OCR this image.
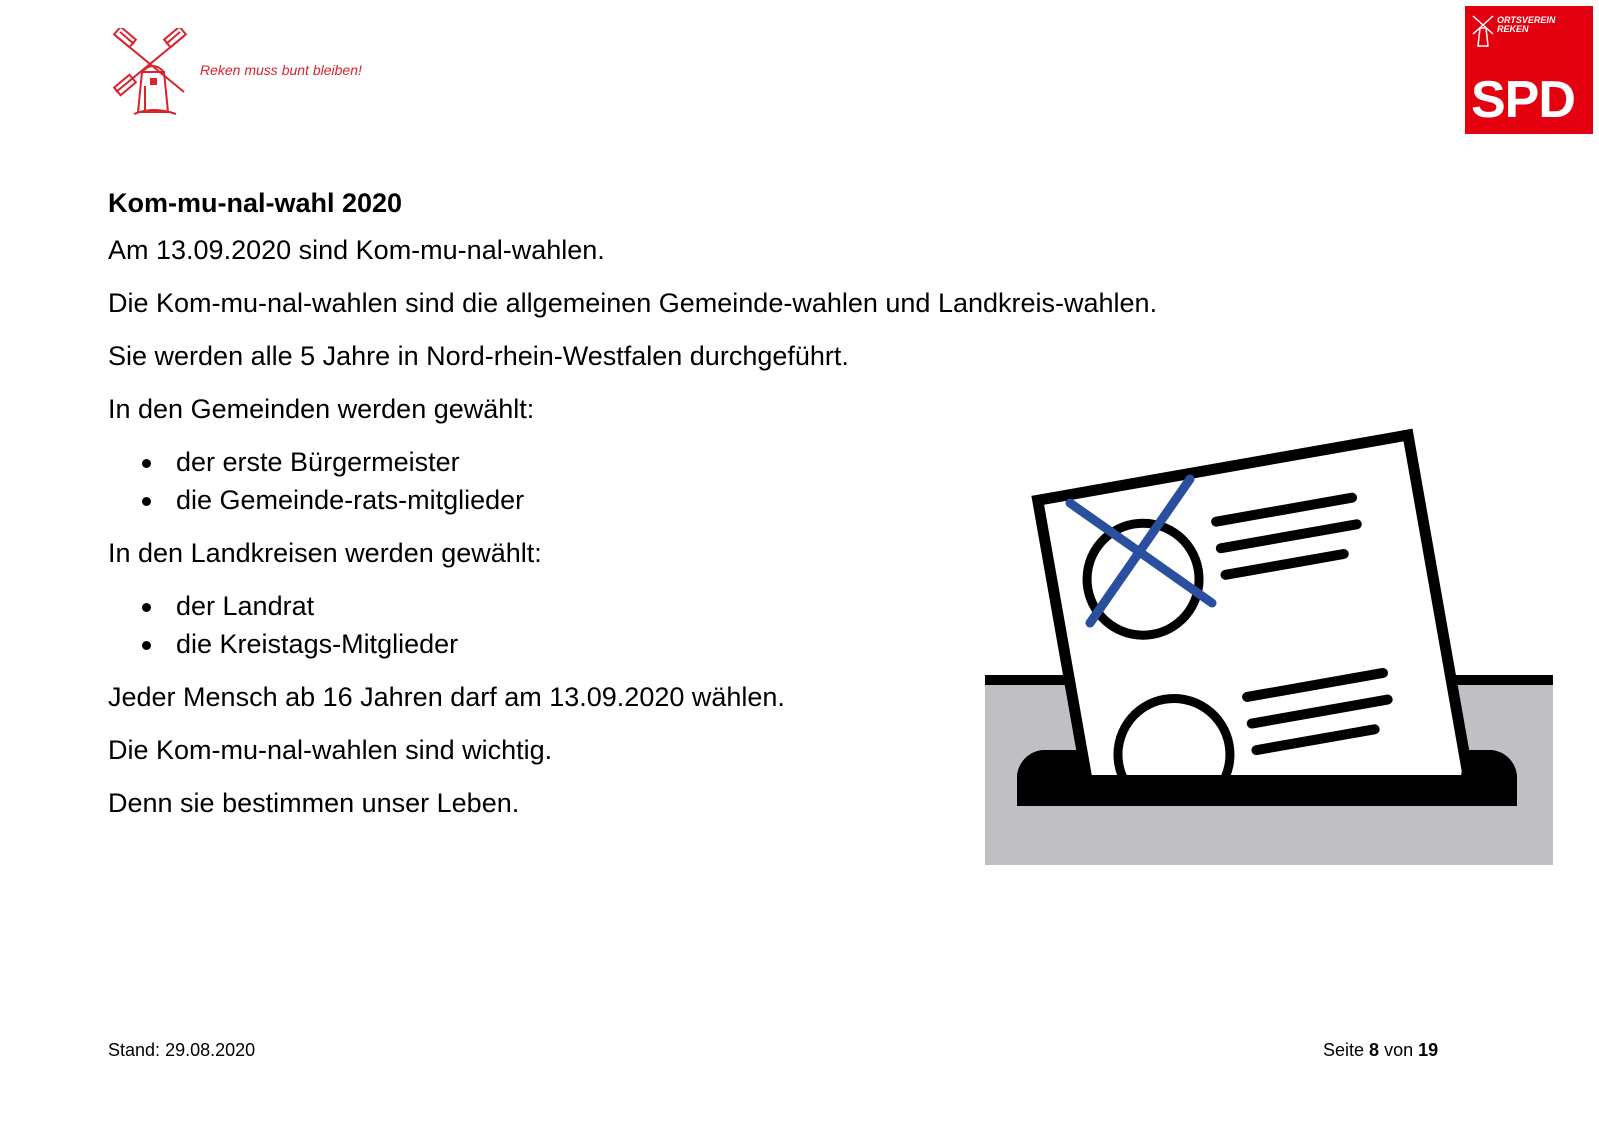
Reken muss bunt bleiben!
ORTSVEREIN
REKEN
SPD
Kom-mu-nal-wahl 2020

Am 13.09.2020 sind Kom-mu-nal-wahlen.

Die Kom-mu-nal-wahlen sind die allgemeinen Gemeinde-wahlen und Landkreis-wahlen.

Sie werden alle 5 Jahre in Nord-rhein-Westfalen durchgeführt.

In den Gemeinden werden gewählt:

der erste Bürgermeister
die Gemeinde-rats-mitglieder

In den Landkreisen werden gewählt:

der Landrat
die Kreistags-Mitglieder

Jeder Mensch ab 16 Jahren darf am 13.09.2020 wählen.

Die Kom-mu-nal-wahlen sind wichtig.

Denn sie bestimmen unser Leben.

Stand: 29.08.2020	Seite 8 von 19
